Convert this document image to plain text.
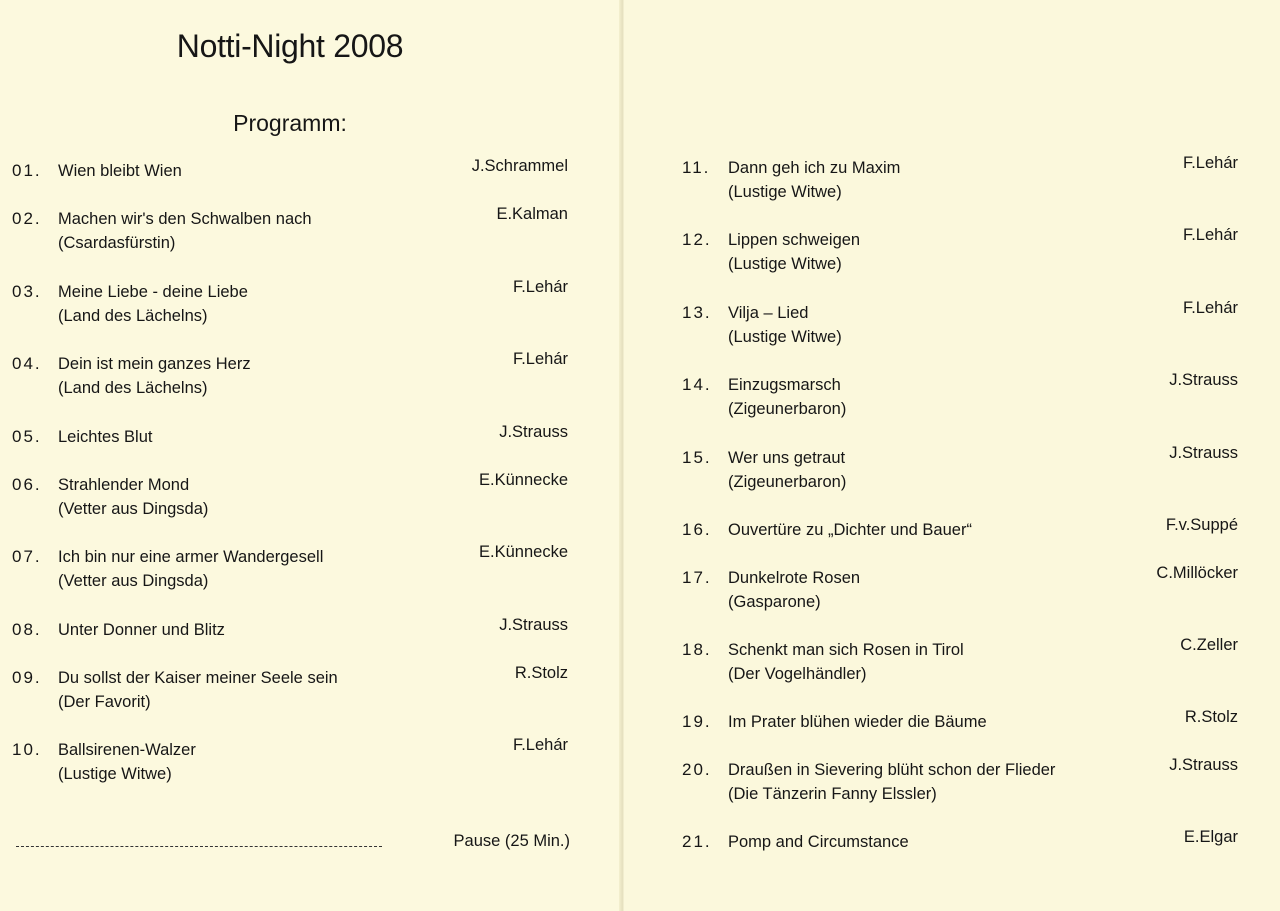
Notti-Night 2008
Programm:
01. Wien bleibt Wien	J.Schrammel
02. Machen wir's den Schwalben nach
(Csardasfürstin)
E.Kalman
03. Meine Liebe - deine Liebe
(Land des Lächelns)
F.Lehár
04. Dein ist mein ganzes Herz
(Land des Lächelns)
F.Lehár
05. Leichtes Blut	J.Strauss
06. Strahlender Mond
(Vetter aus Dingsda)
E.Künnecke
07. Ich bin nur eine armer Wandergesell
(Vetter aus Dingsda)
E.Künnecke
08. Unter Donner und Blitz	J.Strauss
09. Du sollst der Kaiser meiner Seele sein
(Der Favorit)
R.Stolz
10. Ballsirenen-Walzer
(Lustige Witwe)
F.Lehár
Pause (25 Min.)
11. Dann geh ich zu Maxim
(Lustige Witwe)
F.Lehár
12. Lippen schweigen
(Lustige Witwe)
F.Lehár
13. Vilja – Lied
(Lustige Witwe)
F.Lehár
14. Einzugsmarsch
(Zigeunerbaron)
J.Strauss
15. Wer uns getraut
(Zigeunerbaron)
J.Strauss
16. Ouvertüre zu „Dichter und Bauer“	F.v.Suppé
17. Dunkelrote Rosen
(Gasparone)
C.Millöcker
18. Schenkt man sich Rosen in Tirol
(Der Vogelhändler)
C.Zeller
19. Im Prater blühen wieder die Bäume	R.Stolz
20. Draußen in Sievering blüht schon der Flieder
(Die Tänzerin Fanny Elssler)
J.Strauss
21. Pomp and Circumstance	E.Elgar
